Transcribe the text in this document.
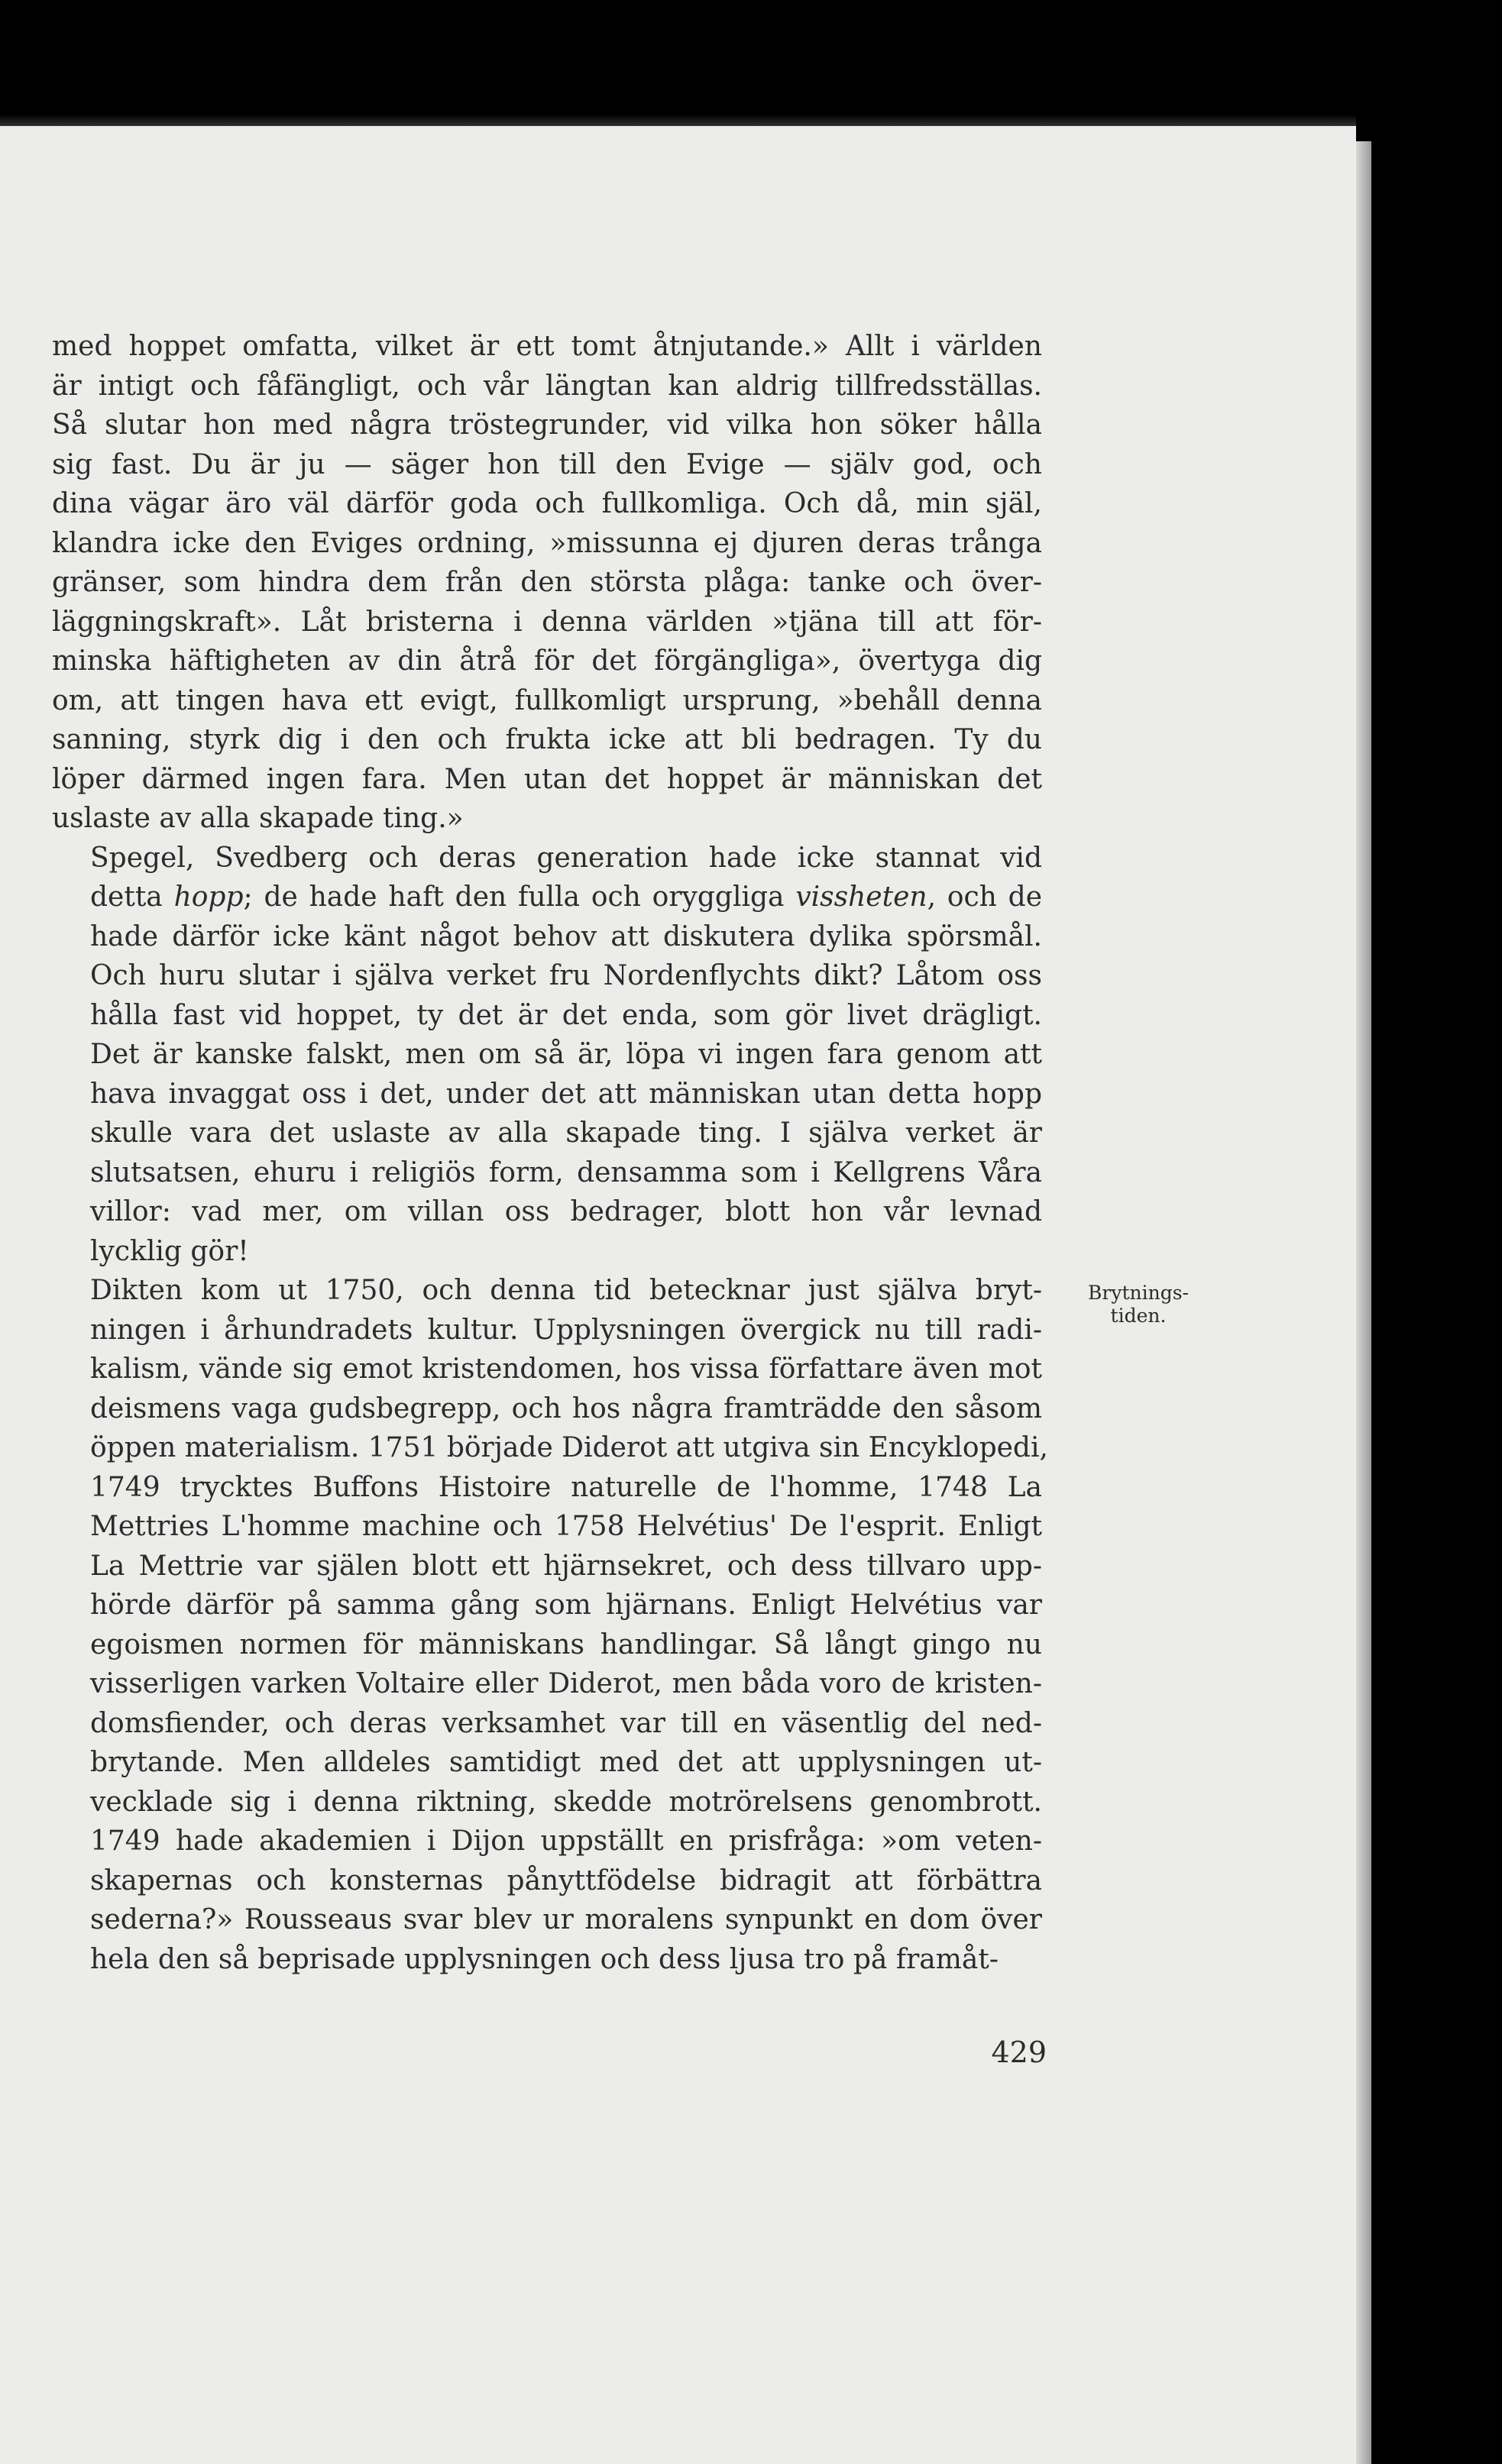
med hoppet omfatta, vilket är ett tomt åtnjutande.» Allt i världen
är intigt och fåfängligt, och vår längtan kan aldrig tillfredsställas.
Så slutar hon med några tröstegrunder, vid vilka hon söker hålla
sig fast. Du är ju — säger hon till den Evige — själv god, och
dina vägar äro väl därför goda och fullkomliga. Och då, min själ,
klandra icke den Eviges ordning, »missunna ej djuren deras trånga
gränser, som hindra dem från den största plåga: tanke och över-
läggningskraft». Låt bristerna i denna världen »tjäna till att för-
minska häftigheten av din åtrå för det förgängliga», övertyga dig
om, att tingen hava ett evigt, fullkomligt ursprung, »behåll denna
sanning, styrk dig i den och frukta icke att bli bedragen. Ty du
löper därmed ingen fara. Men utan det hoppet är människan det
uslaste av alla skapade ting.»

Spegel, Svedberg och deras generation hade icke stannat vid
detta hopp; de hade haft den fulla och oryggliga vissheten, och de
hade därför icke känt något behov att diskutera dylika spörsmål.
Och huru slutar i själva verket fru Nordenflychts dikt? Låtom oss
hålla fast vid hoppet, ty det är det enda, som gör livet drägligt.
Det är kanske falskt, men om så är, löpa vi ingen fara genom att
hava invaggat oss i det, under det att människan utan detta hopp
skulle vara det uslaste av alla skapade ting. I själva verket är
slutsatsen, ehuru i religiös form, densamma som i Kellgrens Våra
villor: vad mer, om villan oss bedrager, blott hon vår levnad
lycklig gör!

Dikten kom ut 1750, och denna tid betecknar just själva bryt-
ningen i århundradets kultur. Upplysningen övergick nu till radi-
kalism, vände sig emot kristendomen, hos vissa författare även mot
deismens vaga gudsbegrepp, och hos några framträdde den såsom
öppen materialism. 1751 började Diderot att utgiva sin Encyklopedi,
1749 trycktes Buffons Histoire naturelle de l'homme, 1748 La
Mettries L'homme machine och 1758 Helvétius' De l'esprit. Enligt
La Mettrie var själen blott ett hjärnsekret, och dess tillvaro upp-
hörde därför på samma gång som hjärnans. Enligt Helvétius var
egoismen normen för människans handlingar. Så långt gingo nu
visserligen varken Voltaire eller Diderot, men båda voro de kristen-
domsfiender, och deras verksamhet var till en väsentlig del ned-
brytande. Men alldeles samtidigt med det att upplysningen ut-
vecklade sig i denna riktning, skedde motrörelsens genombrott.
1749 hade akademien i Dijon uppställt en prisfråga: »om veten-
skapernas och konsternas pånyttfödelse bidragit att förbättra
sederna?» Rousseaus svar blev ur moralens synpunkt en dom över
hela den så beprisade upplysningen och dess ljusa tro på framåt-

Brytnings-
tiden.
429
